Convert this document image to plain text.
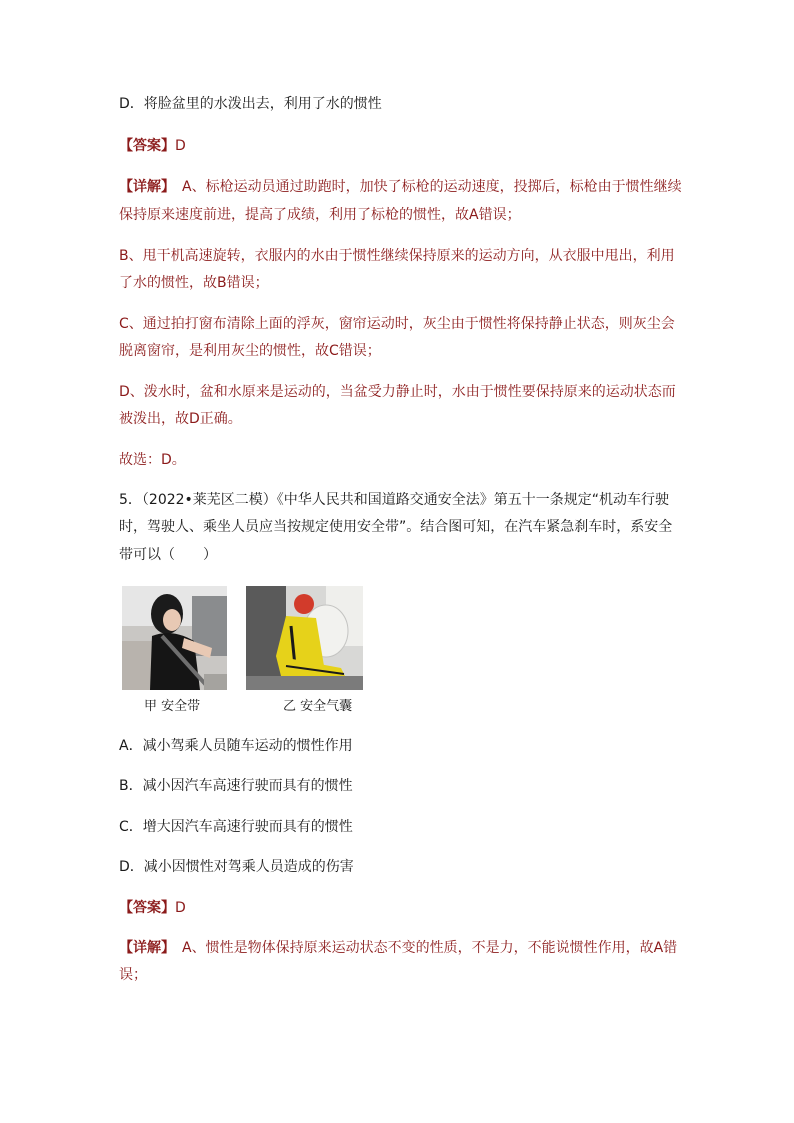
D．将脸盆里的水泼出去，利用了水的惯性
【答案】D
【详解】 A、标枪运动员通过助跑时，加快了标枪的运动速度，投掷后，标枪由于惯性继续
保持原来速度前进，提高了成绩，利用了标枪的惯性，故A错误；
B、甩干机高速旋转，衣服内的水由于惯性继续保持原来的运动方向，从衣服中甩出，利用
了水的惯性，故B错误；
C、通过拍打窗布清除上面的浮灰，窗帘运动时，灰尘由于惯性将保持静止状态，则灰尘会
脱离窗帘，是利用灰尘的惯性，故C错误；
D、泼水时，盆和水原来是运动的，当盆受力静止时，水由于惯性要保持原来的运动状态而
被泼出，故D正确。
故选：D。
5．（2022•莱芜区二模）《中华人民共和国道路交通安全法》第五十一条规定“机动车行驶
时，驾驶人、乘坐人员应当按规定使用安全带”。结合图可知，在汽车紧急刹车时，系安全
带可以（　　）
甲 安全带	乙 安全气囊
A．减小驾乘人员随车运动的惯性作用
B．减小因汽车高速行驶而具有的惯性
C．增大因汽车高速行驶而具有的惯性
D．减小因惯性对驾乘人员造成的伤害
【答案】D
【详解】 A、惯性是物体保持原来运动状态不变的性质，不是力，不能说惯性作用，故A错
误；
